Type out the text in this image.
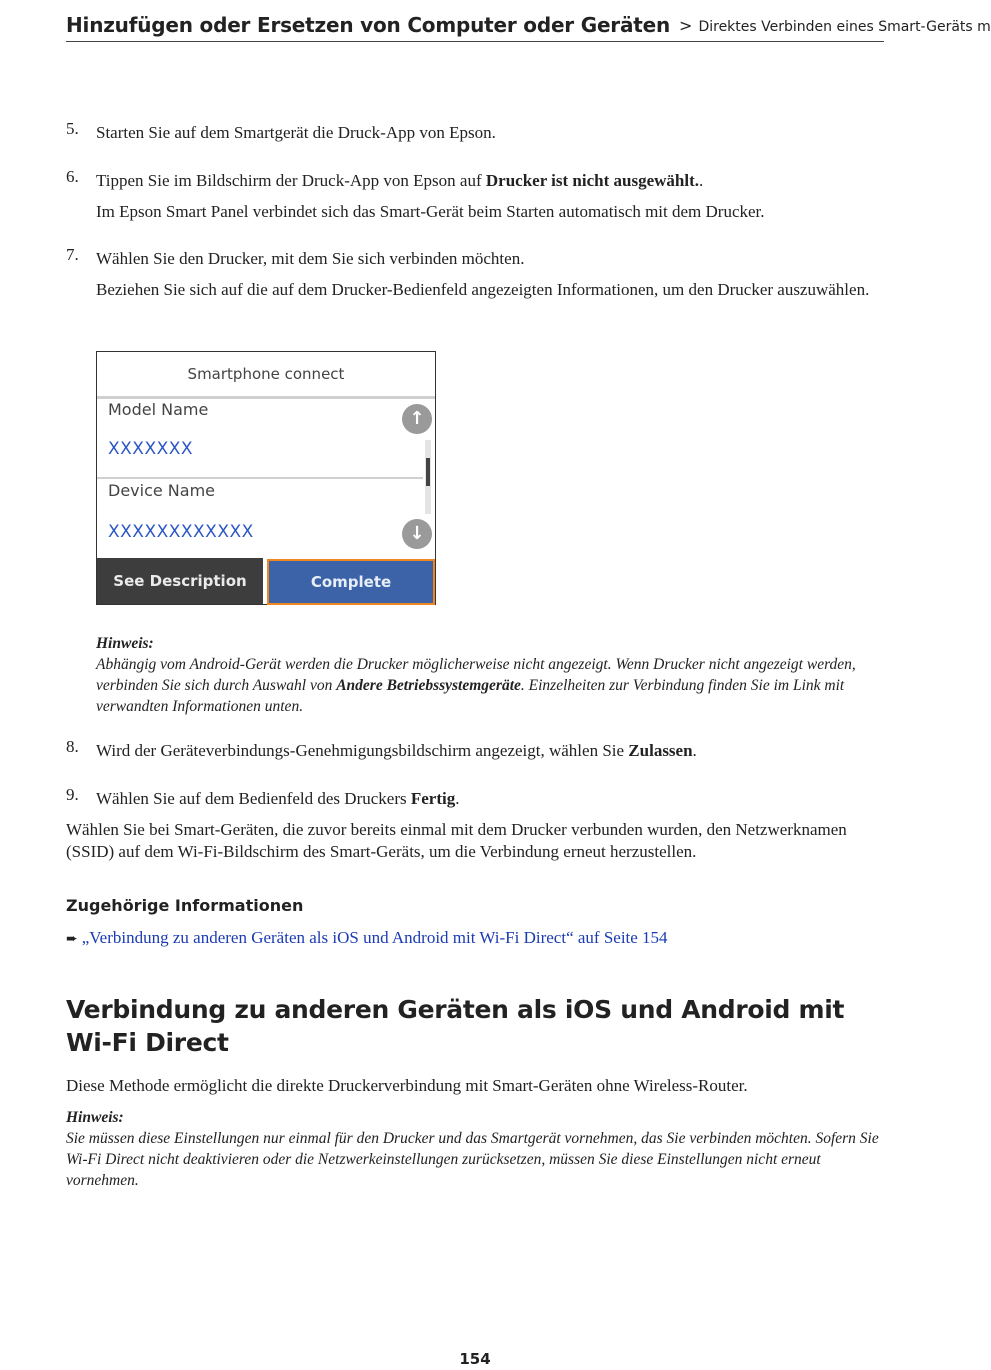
Hinzufügen oder Ersetzen von Computer oder Geräten > Direktes Verbinden eines Smart-Geräts m
5.	Starten Sie auf dem Smartgerät die Druck-App von Epson.

6.	Tippen Sie im Bildschirm der Druck-App von Epson auf Drucker ist nicht ausgewählt..

Im Epson Smart Panel verbindet sich das Smart-Gerät beim Starten automatisch mit dem Drucker.

7.	Wählen Sie den Drucker, mit dem Sie sich verbinden möchten.

Beziehen Sie sich auf die auf dem Drucker-Bedienfeld angezeigten Informationen, um den Drucker auszuwählen.

Smartphone connect
Model Name
XXXXXXX
Device Name
XXXXXXXXXXXX
↑
↓
See Description	Complete
Hinweis:
Abhängig vom Android-Gerät werden die Drucker möglicherweise nicht angezeigt. Wenn Drucker nicht angezeigt werden, verbinden Sie sich durch Auswahl von Andere Betriebssystemgeräte. Einzelheiten zur Verbindung finden Sie im Link mit verwandten Informationen unten.
8.	Wird der Geräteverbindungs-Genehmigungsbildschirm angezeigt, wählen Sie Zulassen.

9.	Wählen Sie auf dem Bedienfeld des Druckers Fertig.

Wählen Sie bei Smart-Geräten, die zuvor bereits einmal mit dem Drucker verbunden wurden, den Netzwerknamen (SSID) auf dem Wi-Fi-Bildschirm des Smart-Geräts, um die Verbindung erneut herzustellen.
Zugehörige Informationen
➨ „Verbindung zu anderen Geräten als iOS und Android mit Wi-Fi Direct“ auf Seite 154
Verbindung zu anderen Geräten als iOS und Android mit Wi-Fi Direct
Diese Methode ermöglicht die direkte Druckerverbindung mit Smart-Geräten ohne Wireless-Router.
Hinweis:
Sie müssen diese Einstellungen nur einmal für den Drucker und das Smartgerät vornehmen, das Sie verbinden möchten. Sofern Sie Wi-Fi Direct nicht deaktivieren oder die Netzwerkeinstellungen zurücksetzen, müssen Sie diese Einstellungen nicht erneut vornehmen.
154
